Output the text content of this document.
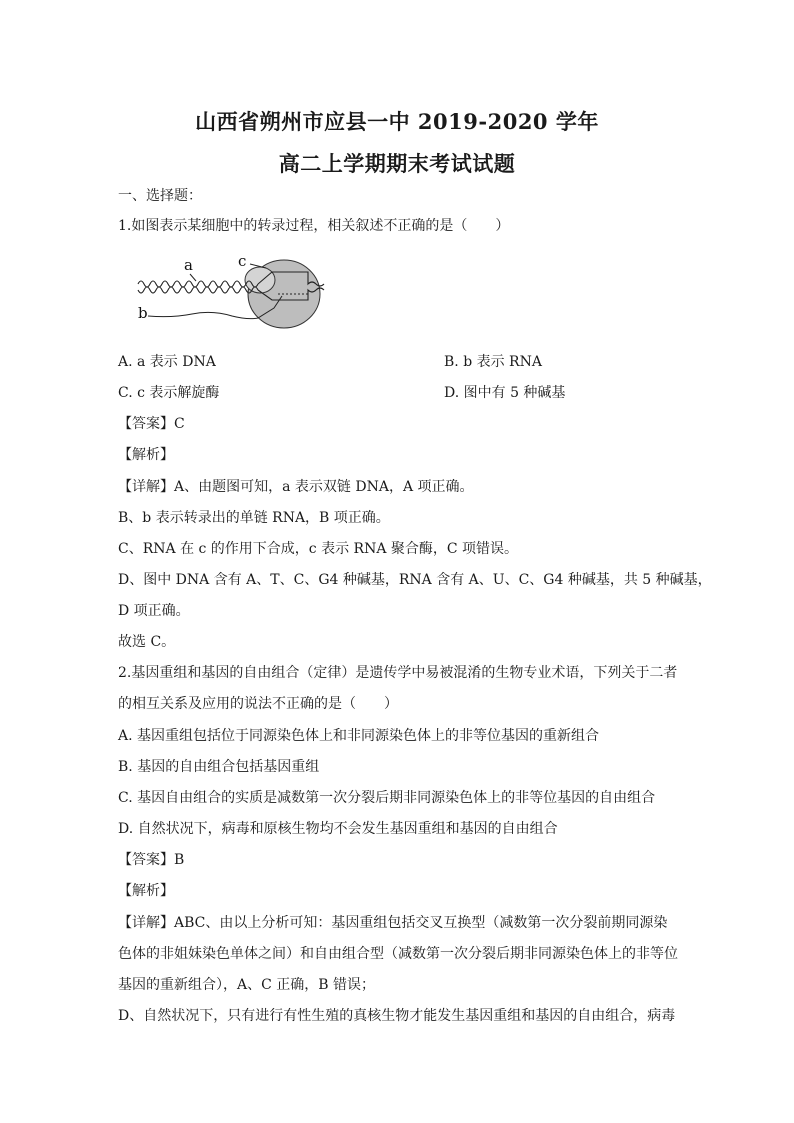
山西省朔州市应县一中 2019-2020 学年
高二上学期期末考试试题
一、选择题：
1.如图表示某细胞中的转录过程，相关叙述不正确的是（　　）
a	c
b
A. a 表示 DNA	B. b 表示 RNA
C. c 表示解旋酶	D. 图中有 5 种碱基
【答案】C
【解析】
【详解】A、由题图可知，a 表示双链 DNA，A 项正确。
B、b 表示转录出的单链 RNA，B 项正确。
C、RNA 在 c 的作用下合成，c 表示 RNA 聚合酶，C 项错误。
D、图中 DNA 含有 A、T、C、G4 种碱基，RNA 含有 A、U、C、G4 种碱基，共 5 种碱基，
D 项正确。
故选 C。
2.基因重组和基因的自由组合（定律）是遗传学中易被混淆的生物专业术语，下列关于二者
的相互关系及应用的说法不正确的是（　　）
A. 基因重组包括位于同源染色体上和非同源染色体上的非等位基因的重新组合
B. 基因的自由组合包括基因重组
C. 基因自由组合的实质是减数第一次分裂后期非同源染色体上的非等位基因的自由组合
D. 自然状况下，病毒和原核生物均不会发生基因重组和基因的自由组合
【答案】B
【解析】
【详解】ABC、由以上分析可知：基因重组包括交叉互换型（减数第一次分裂前期同源染
色体的非姐妹染色单体之间）和自由组合型（减数第一次分裂后期非同源染色体上的非等位
基因的重新组合），A、C 正确，B 错误；
D、自然状况下，只有进行有性生殖的真核生物才能发生基因重组和基因的自由组合，病毒
